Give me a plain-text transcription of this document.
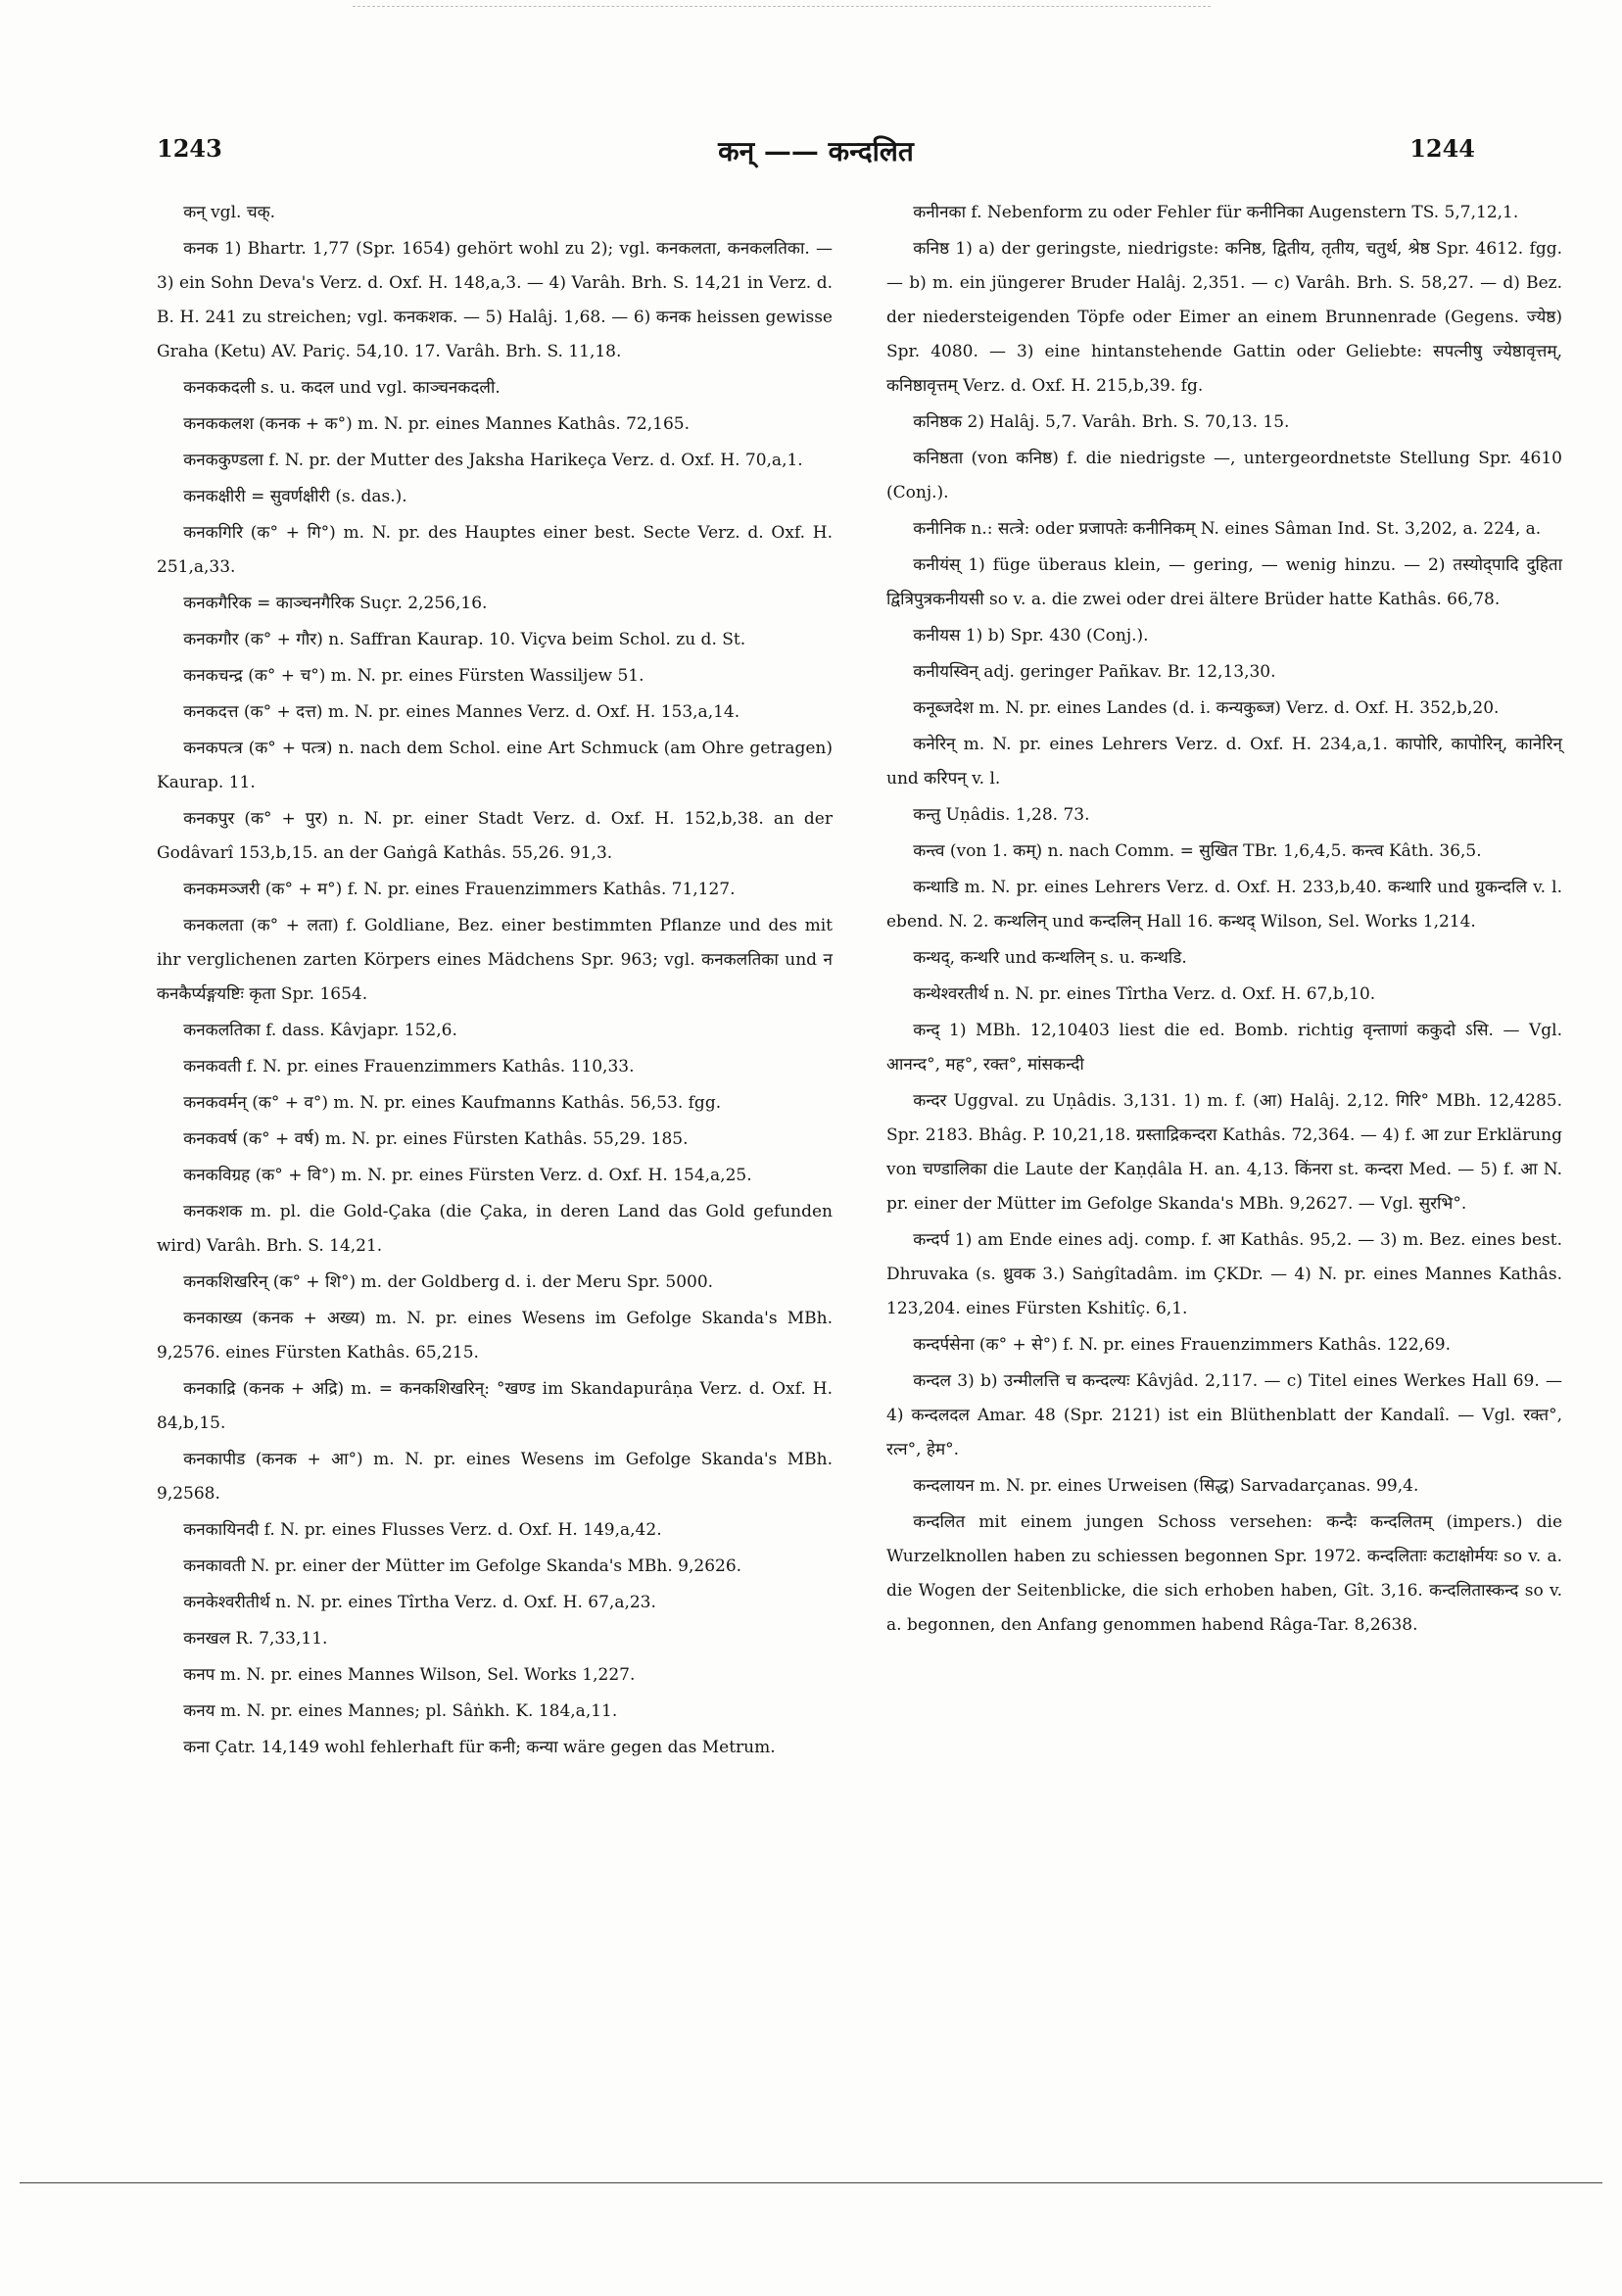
1243	कन् —— कन्दलित	1244

कन् vgl. चक्.

कनक 1) Bhartr. 1,77 (Spr. 1654) gehört wohl zu 2); vgl. कनकलता, कनकलतिका. — 3) ein Sohn Deva's Verz. d. Oxf. H. 148,a,3. — 4) Varâh. Brh. S. 14,21 in Verz. d. B. H. 241 zu streichen; vgl. कनकशक. — 5) Halâj. 1,68. — 6) कनक heissen gewisse Graha (Ketu) AV. Pariç. 54,10. 17. Varâh. Brh. S. 11,18.

कनककदली s. u. कदल und vgl. काञ्चनकदली.

कनककलश (कनक + क°) m. N. pr. eines Mannes Kathâs. 72,165.

कनककुण्डला f. N. pr. der Mutter des Jaksha Harikeça Verz. d. Oxf. H. 70,a,1.

कनकक्षीरी = सुवर्णक्षीरी (s. das.).

कनकगिरि (क° + गि°) m. N. pr. des Hauptes einer best. Secte Verz. d. Oxf. H. 251,a,33.

कनकगैरिक = काञ्चनगैरिक Suçr. 2,256,16.

कनकगौर (क° + गौर) n. Saffran Kaurap. 10. Viçva beim Schol. zu d. St.

कनकचन्द्र (क° + च°) m. N. pr. eines Fürsten Wassiljew 51.

कनकदत्त (क° + दत्त) m. N. pr. eines Mannes Verz. d. Oxf. H. 153,a,14.

कनकपत्त्र (क° + पत्त्र) n. nach dem Schol. eine Art Schmuck (am Ohre getragen) Kaurap. 11.

कनकपुर (क° + पुर) n. N. pr. einer Stadt Verz. d. Oxf. H. 152,b,38. an der Godâvarî 153,b,15. an der Gaṅgâ Kathâs. 55,26. 91,3.

कनकमञ्जरी (क° + म°) f. N. pr. eines Frauenzimmers Kathâs. 71,127.

कनकलता (क° + लता) f. Goldliane, Bez. einer bestimmten Pflanze und des mit ihr verglichenen zarten Körpers eines Mädchens Spr. 963; vgl. कनकलतिका und न कनकैर्प्यङ्गयष्टिः कृता Spr. 1654.

कनकलतिका f. dass. Kâvjapr. 152,6.

कनकवती f. N. pr. eines Frauenzimmers Kathâs. 110,33.

कनकवर्मन् (क° + व°) m. N. pr. eines Kaufmanns Kathâs. 56,53. fgg.

कनकवर्ष (क° + वर्ष) m. N. pr. eines Fürsten Kathâs. 55,29. 185.

कनकविग्रह (क° + वि°) m. N. pr. eines Fürsten Verz. d. Oxf. H. 154,a,25.

कनकशक m. pl. die Gold-Çaka (die Çaka, in deren Land das Gold gefunden wird) Varâh. Brh. S. 14,21.

कनकशिखरिन् (क° + शि°) m. der Goldberg d. i. der Meru Spr. 5000.

कनकाख्य (कनक + अख्य) m. N. pr. eines Wesens im Gefolge Skanda's MBh. 9,2576. eines Fürsten Kathâs. 65,215.

कनकाद्रि (कनक + अद्रि) m. = कनकशिखरिन्: °खण्ड im Skandapurâṇa Verz. d. Oxf. H. 84,b,15.

कनकापीड (कनक + आ°) m. N. pr. eines Wesens im Gefolge Skanda's MBh. 9,2568.

कनकायिनदी f. N. pr. eines Flusses Verz. d. Oxf. H. 149,a,42.

कनकावती N. pr. einer der Mütter im Gefolge Skanda's MBh. 9,2626.

कनकेश्वरीतीर्थ n. N. pr. eines Tîrtha Verz. d. Oxf. H. 67,a,23.

कनखल R. 7,33,11.

कनप m. N. pr. eines Mannes Wilson, Sel. Works 1,227.

कनय m. N. pr. eines Mannes; pl. Sâṅkh. K. 184,a,11.

कना Çatr. 14,149 wohl fehlerhaft für कनी; कन्या wäre gegen das Metrum.

कनीनका f. Nebenform zu oder Fehler für कनीनिका Augenstern TS. 5,7,12,1.

कनिष्ठ 1) a) der geringste, niedrigste: कनिष्ठ, द्वितीय, तृतीय, चतुर्थ, श्रेष्ठ Spr. 4612. fgg. — b) m. ein jüngerer Bruder Halâj. 2,351. — c) Varâh. Brh. S. 58,27. — d) Bez. der niedersteigenden Töpfe oder Eimer an einem Brunnenrade (Gegens. ज्येष्ठ) Spr. 4080. — 3) eine hintanstehende Gattin oder Geliebte: सपत्नीषु ज्येष्ठावृत्तम्, कनिष्ठावृत्तम् Verz. d. Oxf. H. 215,b,39. fg.

कनिष्ठक 2) Halâj. 5,7. Varâh. Brh. S. 70,13. 15.

कनिष्ठता (von कनिष्ठ) f. die niedrigste —, untergeordnetste Stellung Spr. 4610 (Conj.).

कनीनिक n.: सत्त्रे: oder प्रजापतेः कनीनिकम् N. eines Sâman Ind. St. 3,202, a. 224, a.

कनीयंस् 1) füge überaus klein, — gering, — wenig hinzu. — 2) तस्योद्पादि दुहिता द्वित्रिपुत्रकनीयसी so v. a. die zwei oder drei ältere Brüder hatte Kathâs. 66,78.

कनीयस 1) b) Spr. 430 (Conj.).

कनीयस्विन् adj. geringer Pañkav. Br. 12,13,30.

कनूब्जदेश m. N. pr. eines Landes (d. i. कन्यकुब्ज) Verz. d. Oxf. H. 352,b,20.

कनेरिन् m. N. pr. eines Lehrers Verz. d. Oxf. H. 234,a,1. कापोरि, कापोरिन्, कानेरिन् und करिपन् v. l.

कन्तु Uṇâdis. 1,28. 73.

कन्त्व (von 1. कम्) n. nach Comm. = सुखित TBr. 1,6,4,5. कन्त्व Kâth. 36,5.

कन्थाडि m. N. pr. eines Lehrers Verz. d. Oxf. H. 233,b,40. कन्थारि und ग्रुकन्दलि v. l. ebend. N. 2. कन्थलिन् und कन्दलिन् Hall 16. कन्थद् Wilson, Sel. Works 1,214.

कन्थद्, कन्थरि und कन्थलिन् s. u. कन्थडि.

कन्थेश्वरतीर्थ n. N. pr. eines Tîrtha Verz. d. Oxf. H. 67,b,10.

कन्द् 1) MBh. 12,10403 liest die ed. Bomb. richtig वृन्ताणां ककुदो ऽसि. — Vgl. आनन्द°, मह°, रक्त°, मांसकन्दी

कन्दर Uggval. zu Uṇâdis. 3,131. 1) m. f. (आ) Halâj. 2,12. गिरि° MBh. 12,4285. Spr. 2183. Bhâg. P. 10,21,18. ग्रस्ताद्रिकन्दरा Kathâs. 72,364. — 4) f. आ zur Erklärung von चण्डालिका die Laute der Kaṇḍâla H. an. 4,13. किंनरा st. कन्दरा Med. — 5) f. आ N. pr. einer der Mütter im Gefolge Skanda's MBh. 9,2627. — Vgl. सुरभि°.

कन्दर्प 1) am Ende eines adj. comp. f. आ Kathâs. 95,2. — 3) m. Bez. eines best. Dhruvaka (s. ध्रुवक 3.) Saṅgîtadâm. im ÇKDr. — 4) N. pr. eines Mannes Kathâs. 123,204. eines Fürsten Kshitîç. 6,1.

कन्दर्पसेना (क° + से°) f. N. pr. eines Frauenzimmers Kathâs. 122,69.

कन्दल 3) b) उन्मीलत्ति च कन्दल्यः Kâvjâd. 2,117. — c) Titel eines Werkes Hall 69. — 4) कन्दलदल Amar. 48 (Spr. 2121) ist ein Blüthenblatt der Kandalî. — Vgl. रक्त°, रत्न°, हेम°.

कन्दलायन m. N. pr. eines Urweisen (सिद्ध) Sarvadarçanas. 99,4.

कन्दलित mit einem jungen Schoss versehen: कन्दैः कन्दलितम् (impers.) die Wurzelknollen haben zu schiessen begonnen Spr. 1972. कन्दलिताः कटाक्षोर्मयः so v. a. die Wogen der Seitenblicke, die sich erhoben haben, Gît. 3,16. कन्दलितास्कन्द so v. a. begonnen, den Anfang genommen habend Râga-Tar. 8,2638.
